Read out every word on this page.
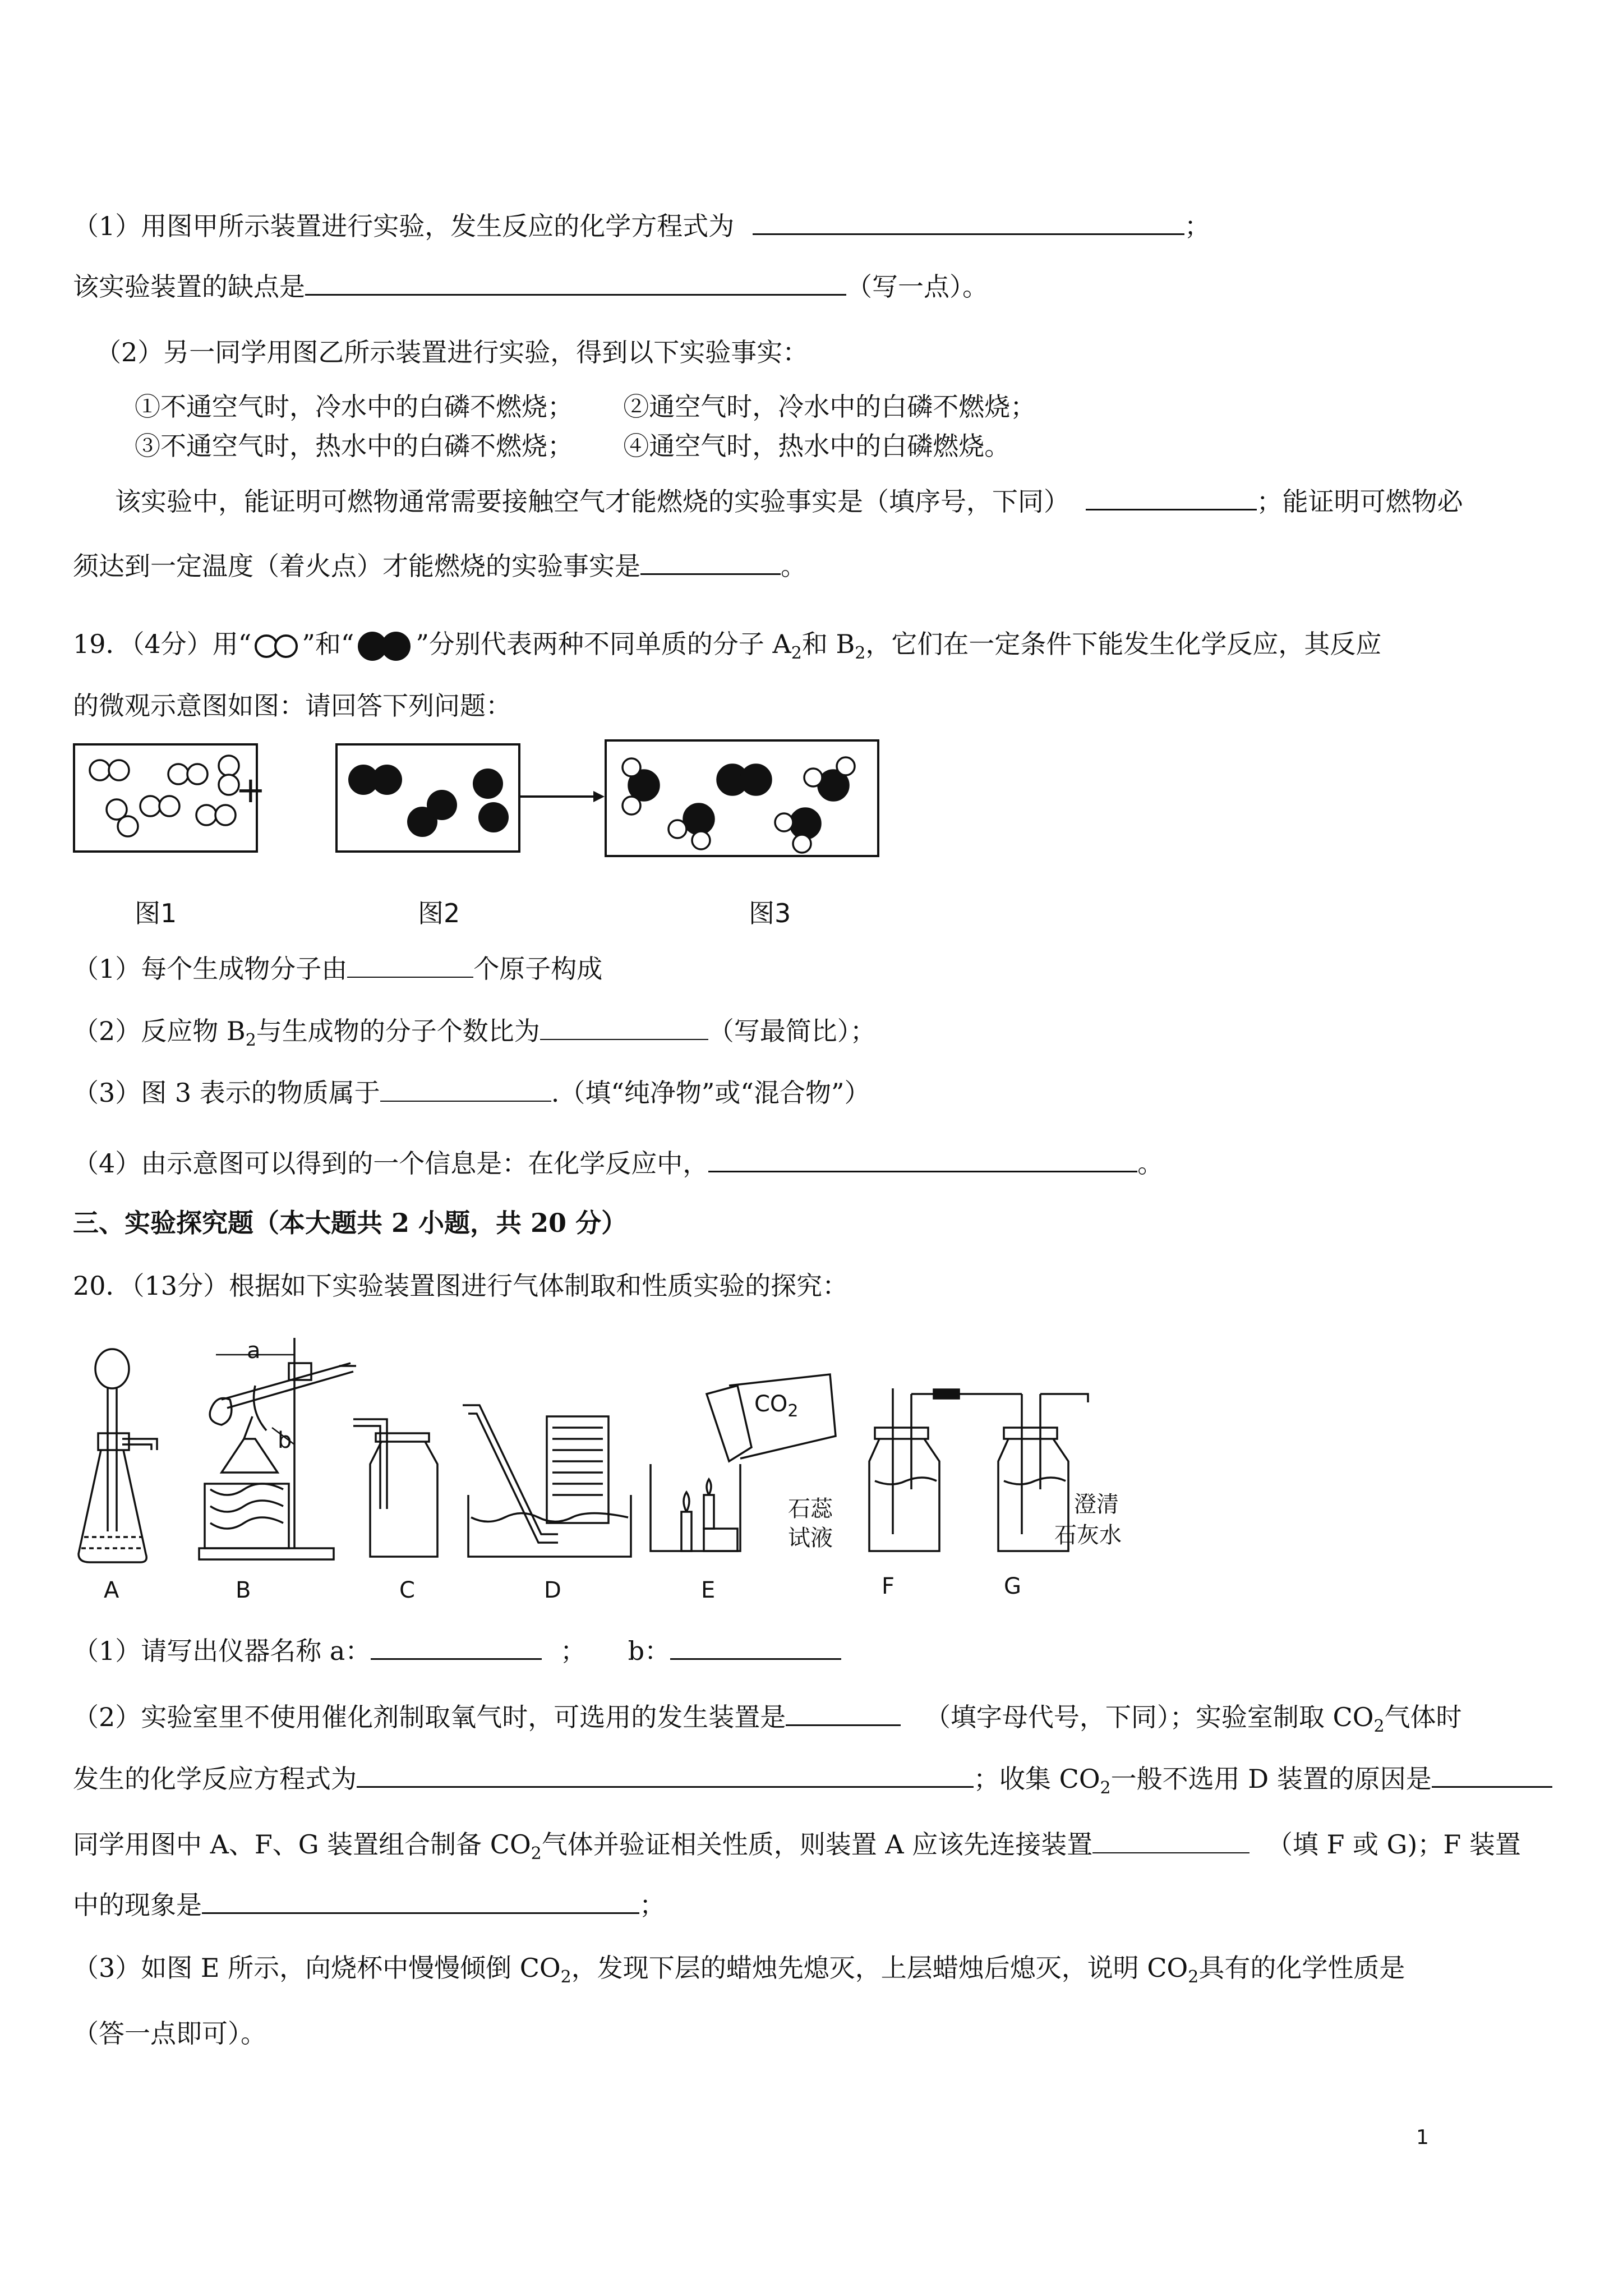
（1）用图甲所示装置进行实验，发生反应的化学方程式为	；
该实验装置的缺点是	（写一点）。
（2）另一同学用图乙所示装置进行实验，得到以下实验事实：
①不通空气时，冷水中的白磷不燃烧； ②通空气时，冷水中的白磷不燃烧；
③不通空气时，热水中的白磷不燃烧； ④通空气时，热水中的白磷燃烧。
该实验中，能证明可燃物通常需要接触空气才能燃烧的实验事实是（填序号，下同）	；能证明可燃物必
须达到一定温度（着火点）才能燃烧的实验事实是	。
19．（4分）用“ ”和“ ”分别代表两种不同单质的分子 $A_2$和 $B_2$，它们在一定条件下能发生化学反应，其反应
的微观示意图如图：请回答下列问题：
+
图1	图2	图3
（1）每个生成物分子由	个原子构成
（2）反应物 $B_2$与生成物的分子个数比为	（写最简比）；
（3）图 3 表示的物质属于	.（填“纯净物”或“混合物”）
（4）由示意图可以得到的一个信息是：在化学反应中，	。
三、实验探究题（本大题共 2 小题，共 20 分）
20．（13分）根据如下实验装置图进行气体制取和性质实验的探究：
A
a
b
B	C	D
$CO_2$
E
石蕊
试液
澄清
石灰水
F	G
（1）请写出仪器名称 a：	； b：
（2）实验室里不使用催化剂制取氧气时，可选用的发生装置是	（填字母代号，下同）；实验室制取 $CO_2$气体时
发生的化学反应方程式为	；收集 $CO_2$一般不选用 D 装置的原因是
同学用图中 A、F、G 装置组合制备 $CO_2$气体并验证相关性质，则装置 A 应该先连接装置	（填 F 或 G)；F 装置
中的现象是	；
（3）如图 E 所示，向烧杯中慢慢倾倒 $CO_2$，发现下层的蜡烛先熄灭，上层蜡烛后熄灭，说明 $CO_2$具有的化学性质是
（答一点即可）。
1
